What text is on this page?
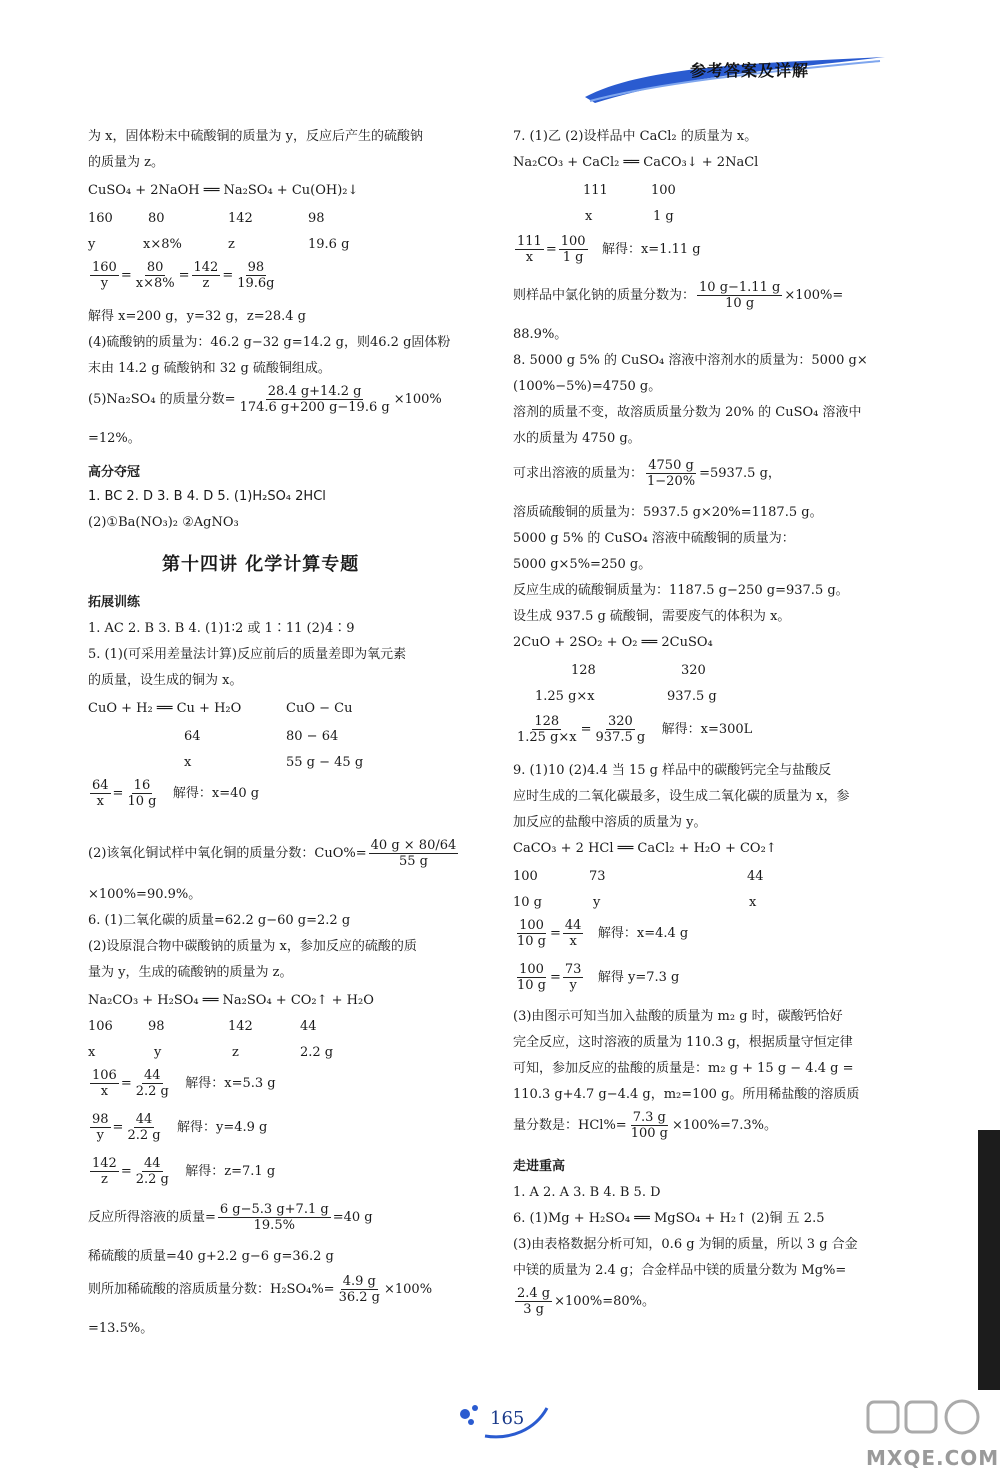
参考答案及详解
为 x，固体粉末中硫酸铜的质量为 y，反应后产生的硫酸钠
的质量为 z。
CuSO₄ + 2NaOH ══ Na₂SO₄ + Cu(OH)₂↓
160	80	142	98
y	x×8%	z	19.6 g
$\frac{160}{y} = \frac{80}{x\times 8\%} = \frac{142}{z} = \frac{98}{19.6g}$
解得 x=200 g，y=32 g，z=28.4 g
(4)硫酸钠的质量为：46.2 g−32 g=14.2 g，则46.2 g固体粉
末由 14.2 g 硫酸钠和 32 g 硫酸铜组成。
(5)Na₂SO₄ 的质量分数= $\frac{28.4 g+14.2 g}{174.6 g+200 g-19.6 g} \times 100\%$
=12%。
高分夺冠
1. BC 2. D 3. B 4. D 5. (1)H₂SO₄ 2HCl
(2)①Ba(NO₃)₂ ②AgNO₃
第十四讲 化学计算专题
拓展训练
1. AC 2. B 3. B 4. (1)1∶2 或 1∶11 (2)4∶9
5. (1)(可采用差量法计算)反应前后的质量差即为氧元素
的质量，设生成的铜为 x。
CuO + H₂ ══ Cu + H₂O	CuO − Cu
64	80 − 64
x	55 g − 45 g
$\frac{64}{x} = \frac{16}{10 g}$ 解得：x=40 g
(2)该氧化铜试样中氧化铜的质量分数：$CuO\%= \frac{40 g \times 80/64}{55 g}$
×100%=90.9%。
6. (1)二氧化碳的质量=62.2 g−60 g=2.2 g
(2)设原混合物中碳酸钠的质量为 x，参加反应的硫酸的质
量为 y，生成的硫酸钠的质量为 z。
Na₂CO₃ + H₂SO₄ ══ Na₂SO₄ + CO₂↑ + H₂O
106	98	142	44
x	y	z	2.2 g
$\frac{106}{x} = \frac{44}{2.2 g}$ 解得：x=5.3 g
$\frac{98}{y} = \frac{44}{2.2 g}$ 解得：y=4.9 g
$\frac{142}{z} = \frac{44}{2.2 g}$ 解得：z=7.1 g
反应所得溶液的质量= $\frac{6 g-5.3 g+7.1 g}{19.5\%} =40$ g
稀硫酸的质量=40 g+2.2 g−6 g=36.2 g
则所加稀硫酸的溶质质量分数：$H_2SO_4\%= \frac{4.9 g}{36.2 g} \times 100\%$
=13.5%。
7. (1)乙 (2)设样品中 CaCl₂ 的质量为 x。
Na₂CO₃ + CaCl₂ ══ CaCO₃↓ + 2NaCl
111	100
x	1 g
$\frac{111}{x} = \frac{100}{1 g}$ 解得：x=1.11 g
则样品中氯化钠的质量分数为： $\frac{10 g-1.11 g}{10 g} \times 100\%=$
88.9%。
8. 5000 g 5% 的 CuSO₄ 溶液中溶剂水的质量为：5000 g×
(100%−5%)=4750 g。
溶剂的质量不变，故溶质质量分数为 20% 的 CuSO₄ 溶液中
水的质量为 4750 g。
可求出溶液的质量为： $\frac{4750 g}{1-20\%} =5937.5$ g，
溶质硫酸铜的质量为：5937.5 g×20%=1187.5 g。
5000 g 5% 的 CuSO₄ 溶液中硫酸铜的质量为：
5000 g×5%=250 g。
反应生成的硫酸铜质量为：1187.5 g−250 g=937.5 g。
设生成 937.5 g 硫酸铜，需要废气的体积为 x。
2CuO + 2SO₂ + O₂ ══ 2CuSO₄
128	320
1.25 g×x	937.5 g
$\frac{128}{1.25 g\times x} = \frac{320}{937.5 g}$ 解得：x=300L
9. (1)10 (2)4.4 当 15 g 样品中的碳酸钙完全与盐酸反
应时生成的二氧化碳最多，设生成二氧化碳的质量为 x，参
加反应的盐酸中溶质的质量为 y。
CaCO₃ + 2 HCl ══ CaCl₂ + H₂O + CO₂↑
100	73	44
10 g	y	x
$\frac{100}{10 g} = \frac{44}{x}$ 解得：x=4.4 g
$\frac{100}{10 g} = \frac{73}{y}$ 解得 y=7.3 g
(3)由图示可知当加入盐酸的质量为 m₂ g 时，碳酸钙恰好
完全反应，这时溶液的质量为 110.3 g，根据质量守恒定律
可知，参加反应的盐酸的质量是：m₂ g + 15 g − 4.4 g =
110.3 g+4.7 g−4.4 g，m₂=100 g。所用稀盐酸的溶质质
量分数是：$HCl\%= \frac{7.3 g}{100 g} \times 100\%=7.3\%$。
走进重高
1. A 2. A 3. B 4. B 5. D
6. (1)Mg + H₂SO₄ ══ MgSO₄ + H₂↑ (2)铜 五 2.5
(3)由表格数据分析可知，0.6 g 为铜的质量，所以 3 g 合金
中镁的质量为 2.4 g；合金样品中镁的质量分数为 Mg%=
$\frac{2.4 g}{3 g} \times 100\%=80\%$。
165
MXQE.COM
